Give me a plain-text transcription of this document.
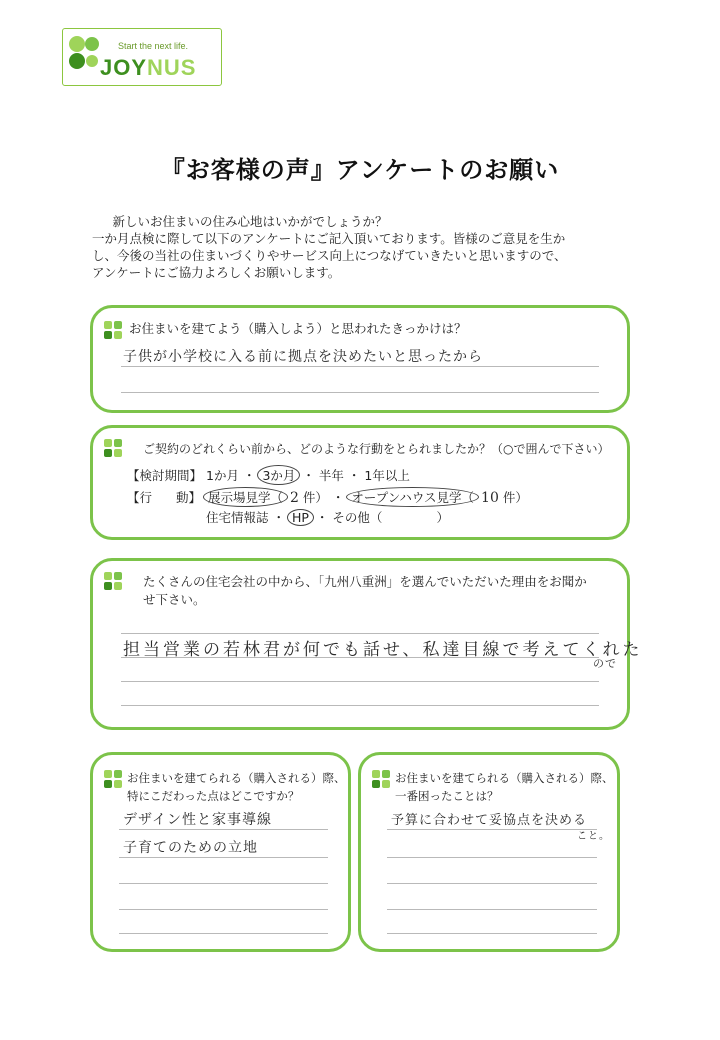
Start the next life.
JOYNUS
『お客様の声』アンケートのお願い

　新しいお住まいの住み心地はいかがでしょうか？

一か月点検に際して以下のアンケートにご記入頂いております。皆様のご意見を生か

し、今後の当社の住まいづくりやサービス向上につなげていきたいと思いますので、

アンケートにご協力よろしくお願いします。

お住まいを建てよう（購入しよう）と思われたきっかけは？
子供が小学校に入る前に拠点を決めたいと思ったから
ご契約のどれくらい前から、どのような行動をとられましたか？（○で囲んで下さい）
【検討期間】 1か月 ・ 3か月 ・ 半年 ・ 1年以上
【行 動】 展示場見学（ 2 件） ・ オープンハウス見学（ 10 件）
住宅情報誌 ・ HP ・ その他（	）
たくさんの住宅会社の中から、「九州八重洲」を選んでいただいた理由をお聞か
せ下さい。
担当営業の若林君が何でも話せ、私達目線で考えてくれた
ので
お住まいを建てられる（購入される）際、
特にこだわった点はどこですか？
デザイン性と家事導線
子育てのための立地
お住まいを建てられる（購入される）際、
一番困ったことは？
予算に合わせて妥協点を決める
こと。
